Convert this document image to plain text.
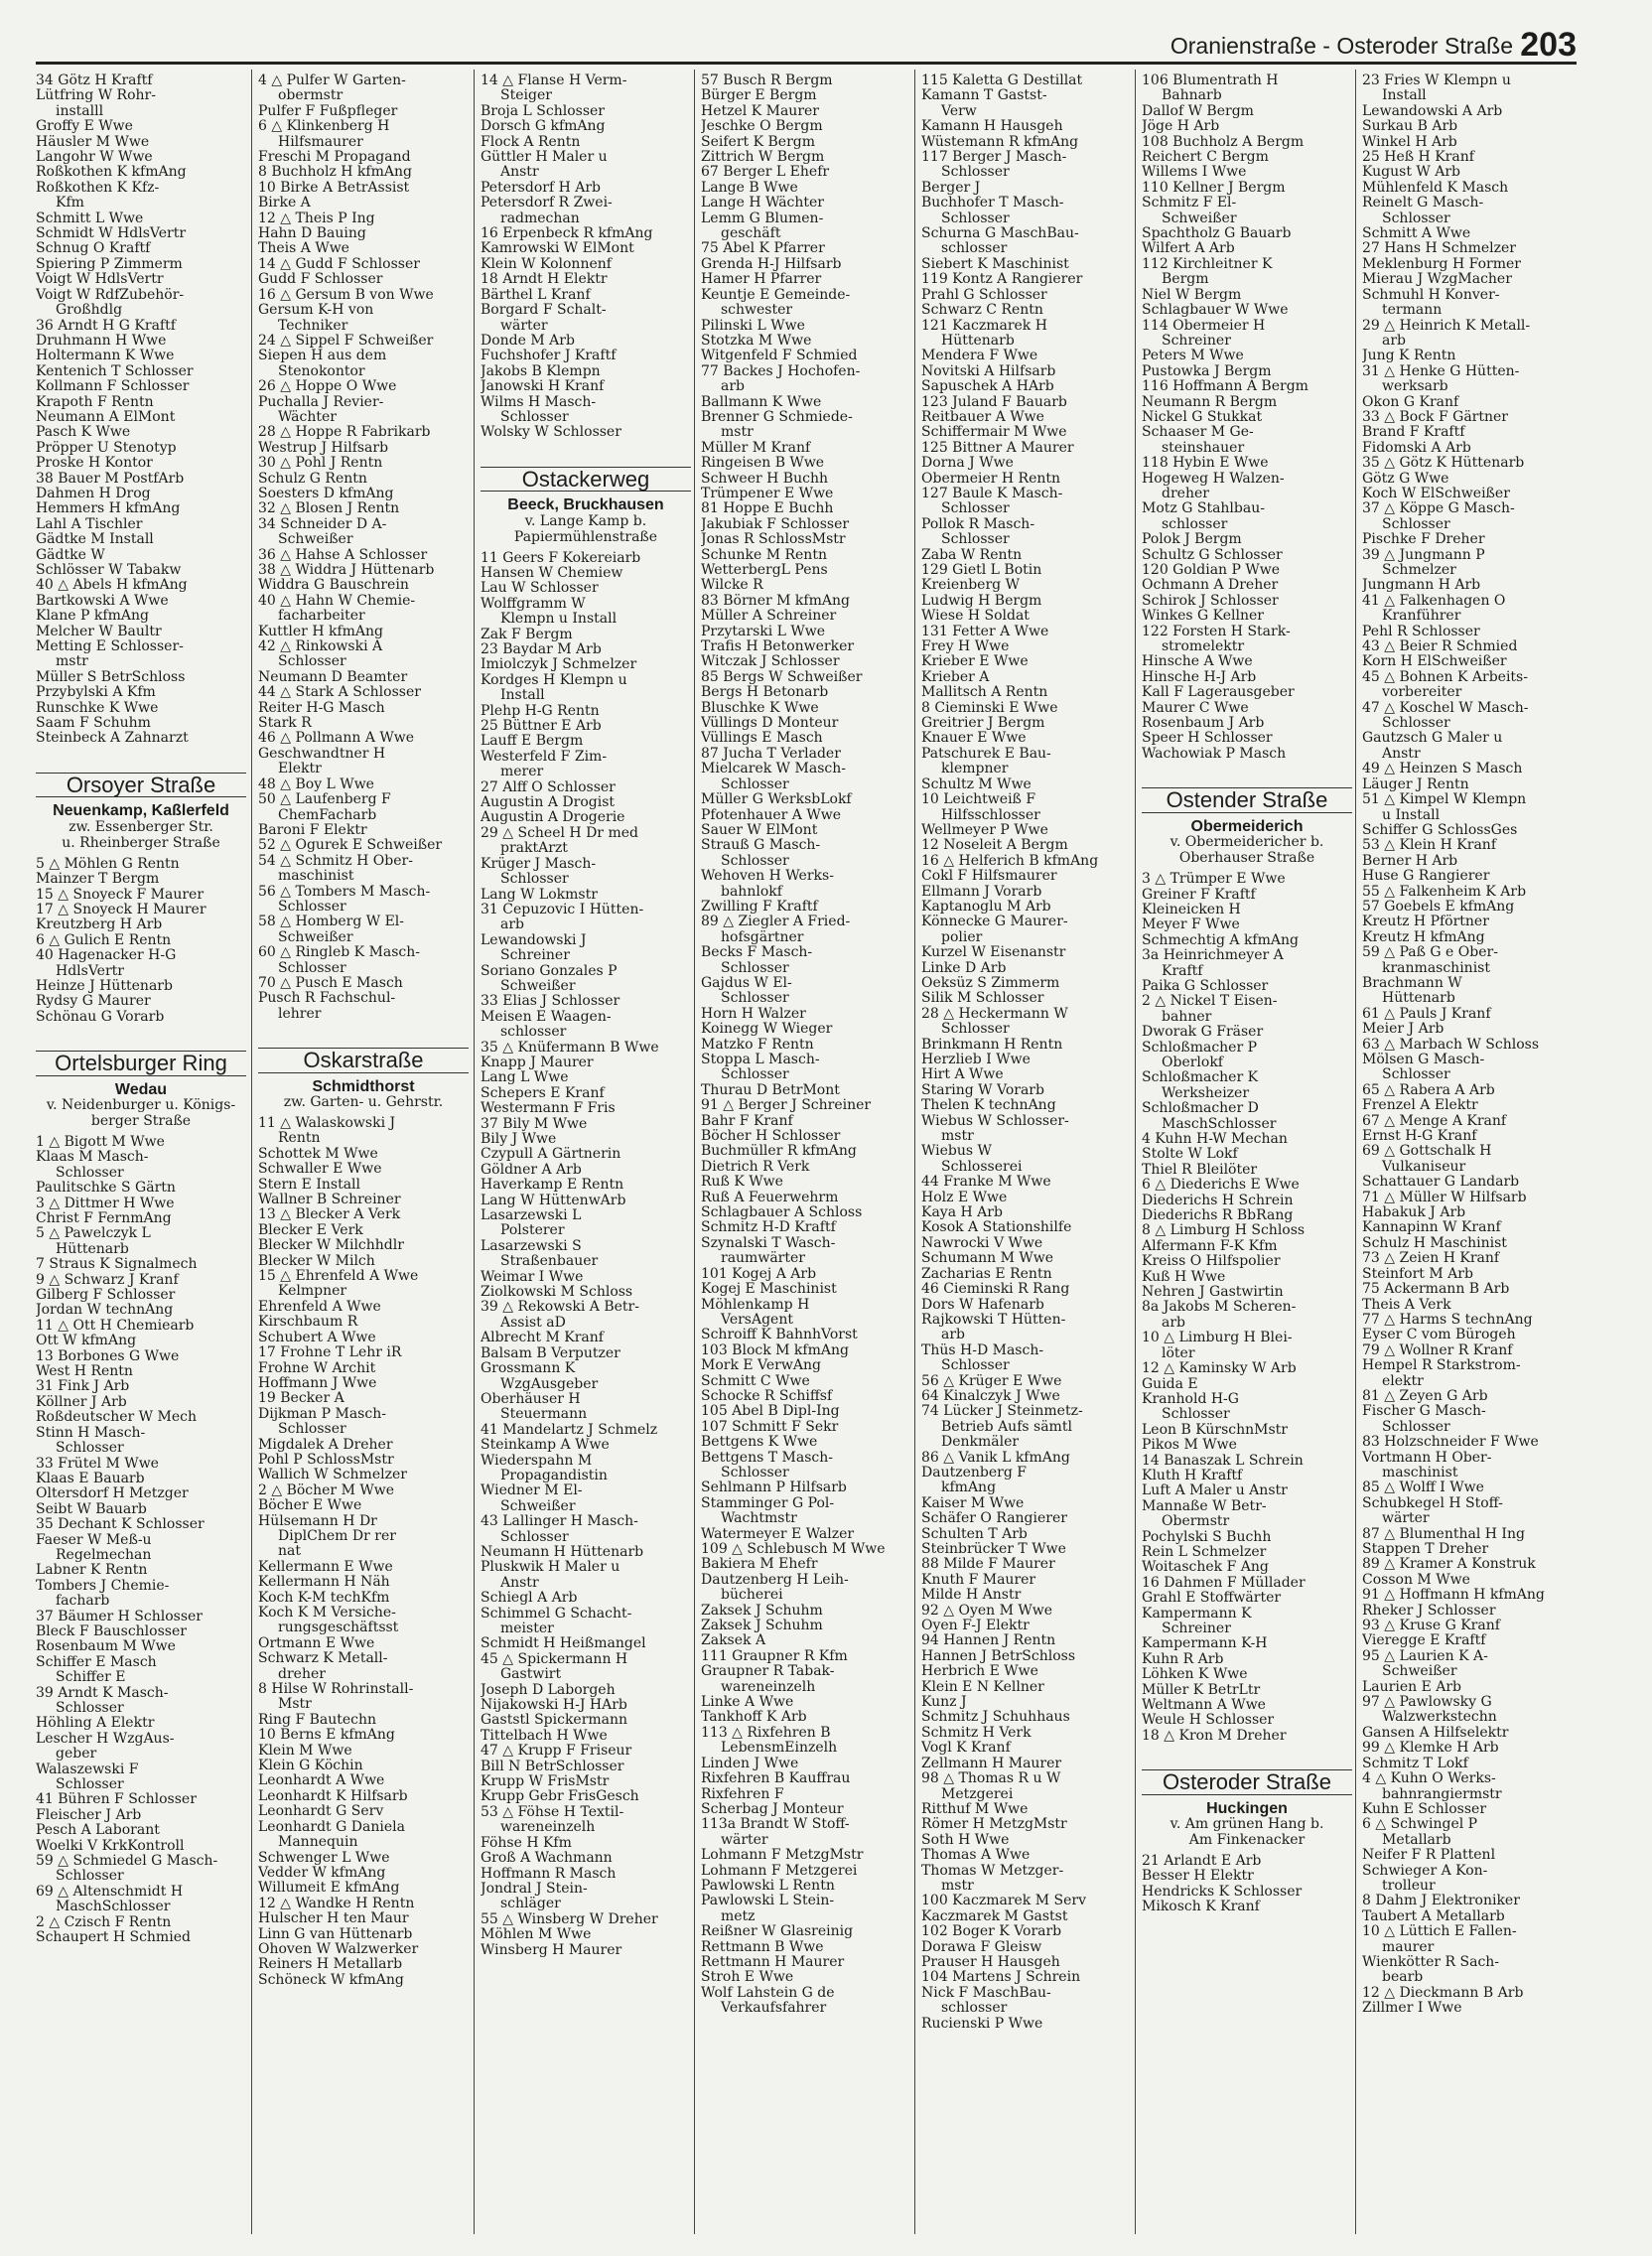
Oranienstraße - Osteroder Straße 203
34 Götz H Kraftf
Lütfring W Rohr-
installl
Groffy E Wwe
Häusler M Wwe
Langohr W Wwe
Roßkothen K kfmAng
Roßkothen K Kfz-
Kfm
Schmitt L Wwe
Schmidt W HdlsVertr
Schnug O Kraftf
Spiering P Zimmerm
Voigt W HdlsVertr
Voigt W RdfZubehör-
Großhdlg
36 Arndt H G Kraftf
Druhmann H Wwe
Holtermann K Wwe
Kentenich T Schlosser
Kollmann F Schlosser
Krapoth F Rentn
Neumann A ElMont
Pasch K Wwe
Pröpper U Stenotyp
Proske H Kontor
38 Bauer M PostfArb
Dahmen H Drog
Hemmers H kfmAng
Lahl A Tischler
Gädtke M Install
Gädtke W
Schlösser W Tabakw
40 △ Abels H kfmAng
Bartkowski A Wwe
Klane P kfmAng
Melcher W Baultr
Metting E Schlosser-
mstr
Müller S BetrSchloss
Przybylski A Kfm
Runschke K Wwe
Saam F Schuhm
Steinbeck A Zahnarzt
Orsoyer Straße
Neuenkamp, Kaßlerfeld
zw. Essenberger Str.
u. Rheinberger Straße
5 △ Möhlen G Rentn
Mainzer T Bergm
15 △ Snoyeck F Maurer
17 △ Snoyeck H Maurer
Kreutzberg H Arb
6 △ Gulich E Rentn
40 Hagenacker H-G
HdlsVertr
Heinze J Hüttenarb
Rydsy G Maurer
Schönau G Vorarb
Ortelsburger Ring
Wedau
v. Neidenburger u. Königs-
berger Straße
1 △ Bigott M Wwe
Klaas M Masch-
Schlosser
Paulitschke S Gärtn
3 △ Dittmer H Wwe
Christ F FernmAng
5 △ Pawelczyk L
Hüttenarb
7 Straus K Signalmech
9 △ Schwarz J Kranf
Gilberg F Schlosser
Jordan W technAng
11 △ Ott H Chemiearb
Ott W kfmAng
13 Borbones G Wwe
West H Rentn
31 Fink J Arb
Köllner J Arb
Roßdeutscher W Mech
Stinn H Masch-
Schlosser
33 Frütel M Wwe
Klaas E Bauarb
Oltersdorf H Metzger
Seibt W Bauarb
35 Dechant K Schlosser
Faeser W Meß-u
Regelmechan
Labner K Rentn
Tombers J Chemie-
facharb
37 Bäumer H Schlosser
Bleck F Bauschlosser
Rosenbaum M Wwe
Schiffer E Masch
Schiffer E
39 Arndt K Masch-
Schlosser
Höhling A Elektr
Lescher H WzgAus-
geber
Walaszewski F
Schlosser
41 Bühren F Schlosser
Fleischer J Arb
Pesch A Laborant
Woelki V KrkKontroll
59 △ Schmiedel G Masch-
Schlosser
69 △ Altenschmidt H
MaschSchlosser
2 △ Czisch F Rentn
Schaupert H Schmied
4 △ Pulfer W Garten-
obermstr
Pulfer F Fußpfleger
6 △ Klinkenberg H
Hilfsmaurer
Freschi M Propagand
8 Buchholz H kfmAng
10 Birke A BetrAssist
Birke A
12 △ Theis P Ing
Hahn D Bauing
Theis A Wwe
14 △ Gudd F Schlosser
Gudd F Schlosser
16 △ Gersum B von Wwe
Gersum K-H von
Techniker
24 △ Sippel F Schweißer
Siepen H aus dem
Stenokontor
26 △ Hoppe O Wwe
Puchalla J Revier-
Wächter
28 △ Hoppe R Fabrikarb
Westrup J Hilfsarb
30 △ Pohl J Rentn
Schulz G Rentn
Soesters D kfmAng
32 △ Blosen J Rentn
34 Schneider D A-
Schweißer
36 △ Hahse A Schlosser
38 △ Widdra J Hüttenarb
Widdra G Bauschrein
40 △ Hahn W Chemie-
facharbeiter
Kuttler H kfmAng
42 △ Rinkowski A
Schlosser
Neumann D Beamter
44 △ Stark A Schlosser
Reiter H-G Masch
Stark R
46 △ Pollmann A Wwe
Geschwandtner H
Elektr
48 △ Boy L Wwe
50 △ Laufenberg F
ChemFacharb
Baroni F Elektr
52 △ Ogurek E Schweißer
54 △ Schmitz H Ober-
maschinist
56 △ Tombers M Masch-
Schlosser
58 △ Homberg W El-
Schweißer
60 △ Ringleb K Masch-
Schlosser
70 △ Pusch E Masch
Pusch R Fachschul-
lehrer
Oskarstraße
Schmidthorst
zw. Garten- u. Gehrstr.
11 △ Walaskowski J
Rentn
Schottek M Wwe
Schwaller E Wwe
Stern E Install
Wallner B Schreiner
13 △ Blecker A Verk
Blecker E Verk
Blecker W Milchhdlr
Blecker W Milch
15 △ Ehrenfeld A Wwe
Kelmpner
Ehrenfeld A Wwe
Kirschbaum R
Schubert A Wwe
17 Frohne T Lehr iR
Frohne W Archit
Hoffmann J Wwe
19 Becker A
Dijkman P Masch-
Schlosser
Migdalek A Dreher
Pohl P SchlossMstr
Wallich W Schmelzer
2 △ Böcher M Wwe
Böcher E Wwe
Hülsemann H Dr
DiplChem Dr rer
nat
Kellermann E Wwe
Kellermann H Näh
Koch K-M techKfm
Koch K M Versiche-
rungsgeschäftsst
Ortmann E Wwe
Schwarz K Metall-
dreher
8 Hilse W Rohrinstall-
Mstr
Ring F Bautechn
10 Berns E kfmAng
Klein M Wwe
Klein G Köchin
Leonhardt A Wwe
Leonhardt K Hilfsarb
Leonhardt G Serv
Leonhardt G Daniela
Mannequin
Schwenger L Wwe
Vedder W kfmAng
Willumeit E kfmAng
12 △ Wandke H Rentn
Hulscher H ten Maur
Linn G van Hüttenarb
Ohoven W Walzwerker
Reiners H Metallarb
Schöneck W kfmAng
14 △ Flanse H Verm-
Steiger
Broja L Schlosser
Dorsch G kfmAng
Flock A Rentn
Güttler H Maler u
Anstr
Petersdorf H Arb
Petersdorf R Zwei-
radmechan
16 Erpenbeck R kfmAng
Kamrowski W ElMont
Klein W Kolonnenf
18 Arndt H Elektr
Bärthel L Kranf
Borgard F Schalt-
wärter
Donde M Arb
Fuchshofer J Kraftf
Jakobs B Klempn
Janowski H Kranf
Wilms H Masch-
Schlosser
Wolsky W Schlosser
Ostackerweg
Beeck, Bruckhausen
v. Lange Kamp b.
Papiermühlenstraße
11 Geers F Kokereiarb
Hansen W Chemiew
Lau W Schlosser
Wolffgramm W
Klempn u Install
Zak F Bergm
23 Baydar M Arb
Imiolczyk J Schmelzer
Kordges H Klempn u
Install
Plehp H-G Rentn
25 Büttner E Arb
Lauff E Bergm
Westerfeld F Zim-
merer
27 Alff O Schlosser
Augustin A Drogist
Augustin A Drogerie
29 △ Scheel H Dr med
praktArzt
Krüger J Masch-
Schlosser
Lang W Lokmstr
31 Cepuzovic I Hütten-
arb
Lewandowski J
Schreiner
Soriano Gonzales P
Schweißer
33 Elias J Schlosser
Meisen E Waagen-
schlosser
35 △ Knüfermann B Wwe
Knapp J Maurer
Lang L Wwe
Schepers E Kranf
Westermann F Fris
37 Bily M Wwe
Bily J Wwe
Czypull A Gärtnerin
Göldner A Arb
Haverkamp E Rentn
Lang W HüttenwArb
Lasarzewski L
Polsterer
Lasarzewski S
Straßenbauer
Weimar I Wwe
Ziolkowski M Schloss
39 △ Rekowski A Betr-
Assist aD
Albrecht M Kranf
Balsam B Verputzer
Grossmann K
WzgAusgeber
Oberhäuser H
Steuermann
41 Mandelartz J Schmelz
Steinkamp A Wwe
Wiederspahn M
Propagandistin
Wiedner M El-
Schweißer
43 Lallinger H Masch-
Schlosser
Neumann H Hüttenarb
Pluskwik H Maler u
Anstr
Schiegl A Arb
Schimmel G Schacht-
meister
Schmidt H Heißmangel
45 △ Spickermann H
Gastwirt
Joseph D Laborgeh
Nijakowski H-J HArb
Gaststl Spickermann
Tittelbach H Wwe
47 △ Krupp F Friseur
Bill N BetrSchlosser
Krupp W FrisMstr
Krupp Gebr FrisGesch
53 △ Föhse H Textil-
wareneinzelh
Föhse H Kfm
Groß A Wachmann
Hoffmann R Masch
Jondral J Stein-
schläger
55 △ Winsberg W Dreher
Möhlen M Wwe
Winsberg H Maurer
57 Busch R Bergm
Bürger E Bergm
Hetzel K Maurer
Jeschke O Bergm
Seifert K Bergm
Zittrich W Bergm
67 Berger L Ehefr
Lange B Wwe
Lange H Wächter
Lemm G Blumen-
geschäft
75 Abel K Pfarrer
Grenda H-J Hilfsarb
Hamer H Pfarrer
Keuntje E Gemeinde-
schwester
Pilinski L Wwe
Stotzka M Wwe
Witgenfeld F Schmied
77 Backes J Hochofen-
arb
Ballmann K Wwe
Brenner G Schmiede-
mstr
Müller M Kranf
Ringeisen B Wwe
Schweer H Buchh
Trümpener E Wwe
81 Hoppe E Buchh
Jakubiak F Schlosser
Jonas R SchlossMstr
Schunke M Rentn
WetterbergL Pens
Wilcke R
83 Börner M kfmAng
Müller A Schreiner
Przytarski L Wwe
Trafis H Betonwerker
Witczak J Schlosser
85 Bergs W Schweißer
Bergs H Betonarb
Bluschke K Wwe
Vüllings D Monteur
Vüllings E Masch
87 Jucha T Verlader
Mielcarek W Masch-
Schlosser
Müller G WerksbLokf
Pfotenhauer A Wwe
Sauer W ElMont
Strauß G Masch-
Schlosser
Wehoven H Werks-
bahnlokf
Zwilling F Kraftf
89 △ Ziegler A Fried-
hofsgärtner
Becks F Masch-
Schlosser
Gajdus W El-
Schlosser
Horn H Walzer
Koinegg W Wieger
Matzko F Rentn
Stoppa L Masch-
Schlosser
Thurau D BetrMont
91 △ Berger J Schreiner
Bahr F Kranf
Böcher H Schlosser
Buchmüller R kfmAng
Dietrich R Verk
Ruß K Wwe
Ruß A Feuerwehrm
Schlagbauer A Schloss
Schmitz H-D Kraftf
Szynalski T Wasch-
raumwärter
101 Kogej A Arb
Kogej E Maschinist
Möhlenkamp H
VersAgent
Schroiff K BahnhVorst
103 Block M kfmAng
Mork E VerwAng
Schmitt C Wwe
Schocke R Schiffsf
105 Abel B Dipl-Ing
107 Schmitt F Sekr
Bettgens K Wwe
Bettgens T Masch-
Schlosser
Sehlmann P Hilfsarb
Stamminger G Pol-
Wachtmstr
Watermeyer E Walzer
109 △ Schlebusch M Wwe
Bakiera M Ehefr
Dautzenberg H Leih-
bücherei
Zaksek J Schuhm
Zaksek J Schuhm
Zaksek A
111 Graupner R Kfm
Graupner R Tabak-
wareneinzelh
Linke A Wwe
Tankhoff K Arb
113 △ Rixfehren B
LebensmEinzelh
Linden J Wwe
Rixfehren B Kauffrau
Rixfehren F
Scherbag J Monteur
113a Brandt W Stoff-
wärter
Lohmann F MetzgMstr
Lohmann F Metzgerei
Pawlowski L Rentn
Pawlowski L Stein-
metz
Reißner W Glasreinig
Rettmann B Wwe
Rettmann H Maurer
Stroh E Wwe
Wolf Lahstein G de
Verkaufsfahrer
115 Kaletta G Destillat
Kamann T Gastst-
Verw
Kamann H Hausgeh
Wüstemann R kfmAng
117 Berger J Masch-
Schlosser
Berger J
Buchhofer T Masch-
Schlosser
Schurna G MaschBau-
schlosser
Siebert K Maschinist
119 Kontz A Rangierer
Prahl G Schlosser
Schwarz C Rentn
121 Kaczmarek H
Hüttenarb
Mendera F Wwe
Novitski A Hilfsarb
Sapuschek A HArb
123 Juland F Bauarb
Reitbauer A Wwe
Schiffermair M Wwe
125 Bittner A Maurer
Dorna J Wwe
Obermeier H Rentn
127 Baule K Masch-
Schlosser
Pollok R Masch-
Schlosser
Zaba W Rentn
129 Gietl L Botin
Kreienberg W
Ludwig H Bergm
Wiese H Soldat
131 Fetter A Wwe
Frey H Wwe
Krieber E Wwe
Krieber A
Mallitsch A Rentn
8 Cieminski E Wwe
Greitrier J Bergm
Knauer E Wwe
Patschurek E Bau-
klempner
Schultz M Wwe
10 Leichtweiß F
Hilfsschlosser
Wellmeyer P Wwe
12 Noseleit A Bergm
16 △ Helferich B kfmAng
Cokl F Hilfsmaurer
Ellmann J Vorarb
Kaptanoglu M Arb
Könnecke G Maurer-
polier
Kurzel W Eisenanstr
Linke D Arb
Oeksüz S Zimmerm
Silik M Schlosser
28 △ Heckermann W
Schlosser
Brinkmann H Rentn
Herzlieb I Wwe
Hirt A Wwe
Staring W Vorarb
Thelen K technAng
Wiebus W Schlosser-
mstr
Wiebus W
Schlosserei
44 Franke M Wwe
Holz E Wwe
Kaya H Arb
Kosok A Stationshilfe
Nawrocki V Wwe
Schumann M Wwe
Zacharias E Rentn
46 Cieminski R Rang
Dors W Hafenarb
Rajkowski T Hütten-
arb
Thüs H-D Masch-
Schlosser
56 △ Krüger E Wwe
64 Kinalczyk J Wwe
74 Lücker J Steinmetz-
Betrieb Aufs sämtl
Denkmäler
86 △ Vanik L kfmAng
Dautzenberg F
kfmAng
Kaiser M Wwe
Schäfer O Rangierer
Schulten T Arb
Steinbrücker T Wwe
88 Milde F Maurer
Knuth F Maurer
Milde H Anstr
92 △ Oyen M Wwe
Oyen F-J Elektr
94 Hannen J Rentn
Hannen J BetrSchloss
Herbrich E Wwe
Klein E N Kellner
Kunz J
Schmitz J Schuhhaus
Schmitz H Verk
Vogl K Kranf
Zellmann H Maurer
98 △ Thomas R u W
Metzgerei
Ritthuf M Wwe
Römer H MetzgMstr
Soth H Wwe
Thomas A Wwe
Thomas W Metzger-
mstr
100 Kaczmarek M Serv
Kaczmarek M Gastst
102 Boger K Vorarb
Dorawa F Gleisw
Prauser H Hausgeh
104 Martens J Schrein
Nick F MaschBau-
schlosser
Rucienski P Wwe
106 Blumentrath H
Bahnarb
Dallof W Bergm
Jöge H Arb
108 Buchholz A Bergm
Reichert C Bergm
Willems I Wwe
110 Kellner J Bergm
Schmitz F El-
Schweißer
Spachtholz G Bauarb
Wilfert A Arb
112 Kirchleitner K
Bergm
Niel W Bergm
Schlagbauer W Wwe
114 Obermeier H
Schreiner
Peters M Wwe
Pustowka J Bergm
116 Hoffmann A Bergm
Neumann R Bergm
Nickel G Stukkat
Schaaser M Ge-
steinshauer
118 Hybin E Wwe
Hogeweg H Walzen-
dreher
Motz G Stahlbau-
schlosser
Polok J Bergm
Schultz G Schlosser
120 Goldian P Wwe
Ochmann A Dreher
Schirok J Schlosser
Winkes G Kellner
122 Forsten H Stark-
stromelektr
Hinsche A Wwe
Hinsche H-J Arb
Kall F Lagerausgeber
Maurer C Wwe
Rosenbaum J Arb
Speer H Schlosser
Wachowiak P Masch
Ostender Straße
Obermeiderich
v. Obermeidericher b.
Oberhauser Straße
3 △ Trümper E Wwe
Greiner F Kraftf
Kleineicken H
Meyer F Wwe
Schmechtig A kfmAng
3a Heinrichmeyer A
Kraftf
Paika G Schlosser
2 △ Nickel T Eisen-
bahner
Dworak G Fräser
Schloßmacher P
Oberlokf
Schloßmacher K
Werksheizer
Schloßmacher D
MaschSchlosser
4 Kuhn H-W Mechan
Stolte W Lokf
Thiel R Bleilöter
6 △ Diederichs E Wwe
Diederichs H Schrein
Diederichs R BbRang
8 △ Limburg H Schloss
Alfermann F-K Kfm
Kreiss O Hilfspolier
Kuß H Wwe
Nehren J Gastwirtin
8a Jakobs M Scheren-
arb
10 △ Limburg H Blei-
löter
12 △ Kaminsky W Arb
Guida E
Kranhold H-G
Schlosser
Leon B KürschnMstr
Pikos M Wwe
14 Banaszak L Schrein
Kluth H Kraftf
Luft A Maler u Anstr
Mannaße W Betr-
Obermstr
Pochylski S Buchh
Rein L Schmelzer
Woitaschek F Ang
16 Dahmen F Müllader
Grahl E Stoffwärter
Kampermann K
Schreiner
Kampermann K-H
Kuhn R Arb
Löhken K Wwe
Müller K BetrLtr
Weltmann A Wwe
Weule H Schlosser
18 △ Kron M Dreher
Osteroder Straße
Huckingen
v. Am grünen Hang b.
Am Finkenacker
21 Arlandt E Arb
Besser H Elektr
Hendricks K Schlosser
Mikosch K Kranf
23 Fries W Klempn u
Install
Lewandowski A Arb
Surkau B Arb
Winkel H Arb
25 Heß H Kranf
Kugust W Arb
Mühlenfeld K Masch
Reinelt G Masch-
Schlosser
Schmitt A Wwe
27 Hans H Schmelzer
Meklenburg H Former
Mierau J WzgMacher
Schmuhl H Konver-
termann
29 △ Heinrich K Metall-
arb
Jung K Rentn
31 △ Henke G Hütten-
werksarb
Okon G Kranf
33 △ Bock F Gärtner
Brand F Kraftf
Fidomski A Arb
35 △ Götz K Hüttenarb
Götz G Wwe
Koch W ElSchweißer
37 △ Köppe G Masch-
Schlosser
Pischke F Dreher
39 △ Jungmann P
Schmelzer
Jungmann H Arb
41 △ Falkenhagen O
Kranführer
Pehl R Schlosser
43 △ Beier R Schmied
Korn H ElSchweißer
45 △ Bohnen K Arbeits-
vorbereiter
47 △ Koschel W Masch-
Schlosser
Gautzsch G Maler u
Anstr
49 △ Heinzen S Masch
Läuger J Rentn
51 △ Kimpel W Klempn
u Install
Schiffer G SchlossGes
53 △ Klein H Kranf
Berner H Arb
Huse G Rangierer
55 △ Falkenheim K Arb
57 Goebels E kfmAng
Kreutz H Pförtner
Kreutz H kfmAng
59 △ Paß G e Ober-
kranmaschinist
Brachmann W
Hüttenarb
61 △ Pauls J Kranf
Meier J Arb
63 △ Marbach W Schloss
Mölsen G Masch-
Schlosser
65 △ Rabera A Arb
Frenzel A Elektr
67 △ Menge A Kranf
Ernst H-G Kranf
69 △ Gottschalk H
Vulkaniseur
Schattauer G Landarb
71 △ Müller W Hilfsarb
Habakuk J Arb
Kannapinn W Kranf
Schulz H Maschinist
73 △ Zeien H Kranf
Steinfort M Arb
75 Ackermann B Arb
Theis A Verk
77 △ Harms S technAng
Eyser C vom Bürogeh
79 △ Wollner R Kranf
Hempel R Starkstrom-
elektr
81 △ Zeyen G Arb
Fischer G Masch-
Schlosser
83 Holzschneider F Wwe
Vortmann H Ober-
maschinist
85 △ Wolff I Wwe
Schubkegel H Stoff-
wärter
87 △ Blumenthal H Ing
Stappen T Dreher
89 △ Kramer A Konstruk
Cosson M Wwe
91 △ Hoffmann H kfmAng
Rheker J Schlosser
93 △ Kruse G Kranf
Vieregge E Kraftf
95 △ Laurien K A-
Schweißer
Laurien E Arb
97 △ Pawlowsky G
Walzwerkstechn
Gansen A Hilfselektr
99 △ Klemke H Arb
Schmitz T Lokf
4 △ Kuhn O Werks-
bahnrangiermstr
Kuhn E Schlosser
6 △ Schwingel P
Metallarb
Neifer F R Plattenl
Schwieger A Kon-
trolleur
8 Dahm J Elektroniker
Taubert A Metallarb
10 △ Lüttich E Fallen-
maurer
Wienkötter R Sach-
bearb
12 △ Dieckmann B Arb
Zillmer I Wwe
